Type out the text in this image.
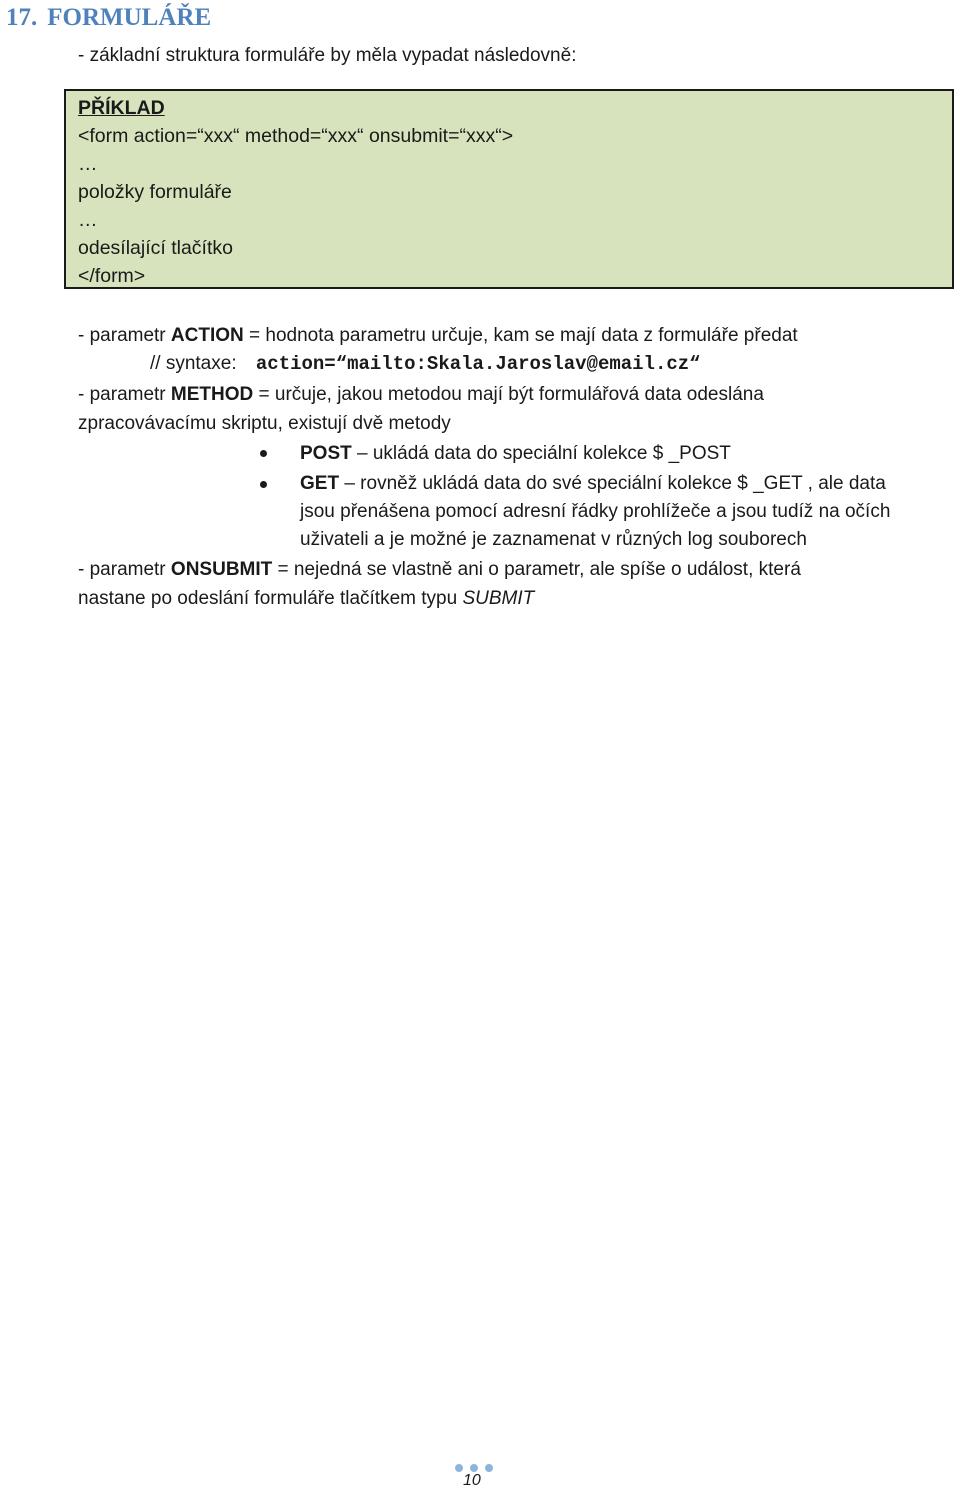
17. FORMULÁŘE
- základní struktura formuláře by měla vypadat následovně:
PŘÍKLAD
<form action=“xxx“ method=“xxx“ onsubmit=“xxx“>
…
položky formuláře
…
odesílající tlačítko
</form>
- parametr ACTION = hodnota parametru určuje, kam se mají data z formuláře předat
// syntaxe: action=“mailto:Skala.Jaroslav@email.cz“
- parametr METHOD = určuje, jakou metodou mají být formulářová data odeslána
zpracovávacímu skriptu, existují dvě metody
POST – ukládá data do speciální kolekce $ _POST
GET – rovněž ukládá data do své speciální kolekce $ _GET , ale data
jsou přenášena pomocí adresní řádky prohlížeče a jsou tudíž na očích
uživateli a je možné je zaznamenat v různých log souborech
- parametr ONSUBMIT = nejedná se vlastně ani o parametr, ale spíše o událost, která
nastane po odeslání formuláře tlačítkem typu SUBMIT
10
